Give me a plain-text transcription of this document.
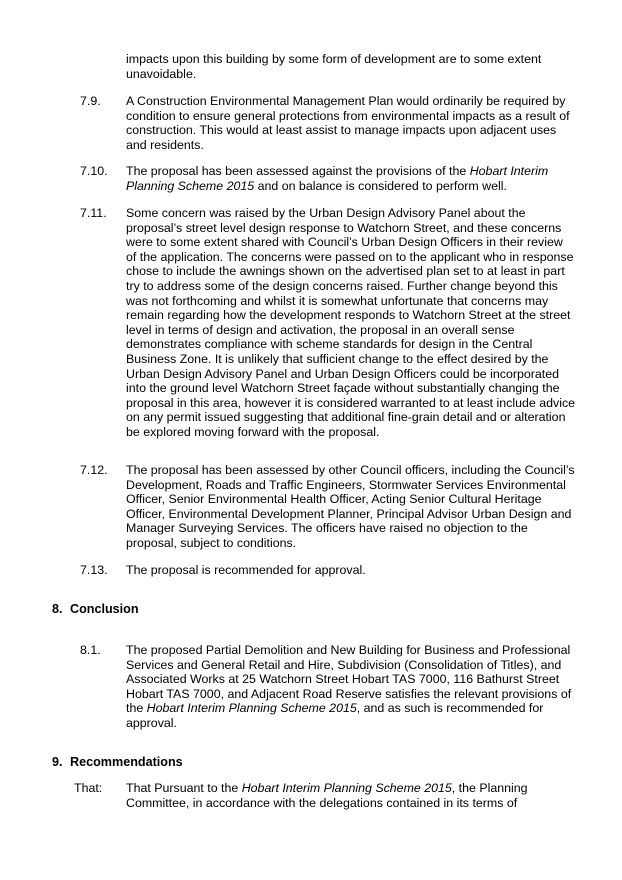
impacts upon this building by some form of development are to some extent unavoidable.
7.9. A Construction Environmental Management Plan would ordinarily be required by condition to ensure general protections from environmental impacts as a result of construction. This would at least assist to manage impacts upon adjacent uses and residents.
7.10. The proposal has been assessed against the provisions of the Hobart Interim Planning Scheme 2015 and on balance is considered to perform well.
7.11. Some concern was raised by the Urban Design Advisory Panel about the proposal’s street level design response to Watchorn Street, and these concerns were to some extent shared with Council’s Urban Design Officers in their review of the application. The concerns were passed on to the applicant who in response chose to include the awnings shown on the advertised plan set to at least in part try to address some of the design concerns raised. Further change beyond this was not forthcoming and whilst it is somewhat unfortunate that concerns may remain regarding how the development responds to Watchorn Street at the street level in terms of design and activation, the proposal in an overall sense demonstrates compliance with scheme standards for design in the Central Business Zone. It is unlikely that sufficient change to the effect desired by the Urban Design Advisory Panel and Urban Design Officers could be incorporated into the ground level Watchorn Street façade without substantially changing the proposal in this area, however it is considered warranted to at least include advice on any permit issued suggesting that additional fine-grain detail and or alteration be explored moving forward with the proposal.
7.12. The proposal has been assessed by other Council officers, including the Council’s Development, Roads and Traffic Engineers, Stormwater Services Environmental Officer, Senior Environmental Health Officer, Acting Senior Cultural Heritage Officer, Environmental Development Planner, Principal Advisor Urban Design and Manager Surveying Services. The officers have raised no objection to the proposal, subject to conditions.
7.13. The proposal is recommended for approval.
8. Conclusion
8.1. The proposed Partial Demolition and New Building for Business and Professional Services and General Retail and Hire, Subdivision (Consolidation of Titles), and Associated Works at 25 Watchorn Street Hobart TAS 7000, 116 Bathurst Street Hobart TAS 7000, and Adjacent Road Reserve satisfies the relevant provisions of the Hobart Interim Planning Scheme 2015, and as such is recommended for approval.
9. Recommendations
That: That Pursuant to the Hobart Interim Planning Scheme 2015, the Planning Committee, in accordance with the delegations contained in its terms of
